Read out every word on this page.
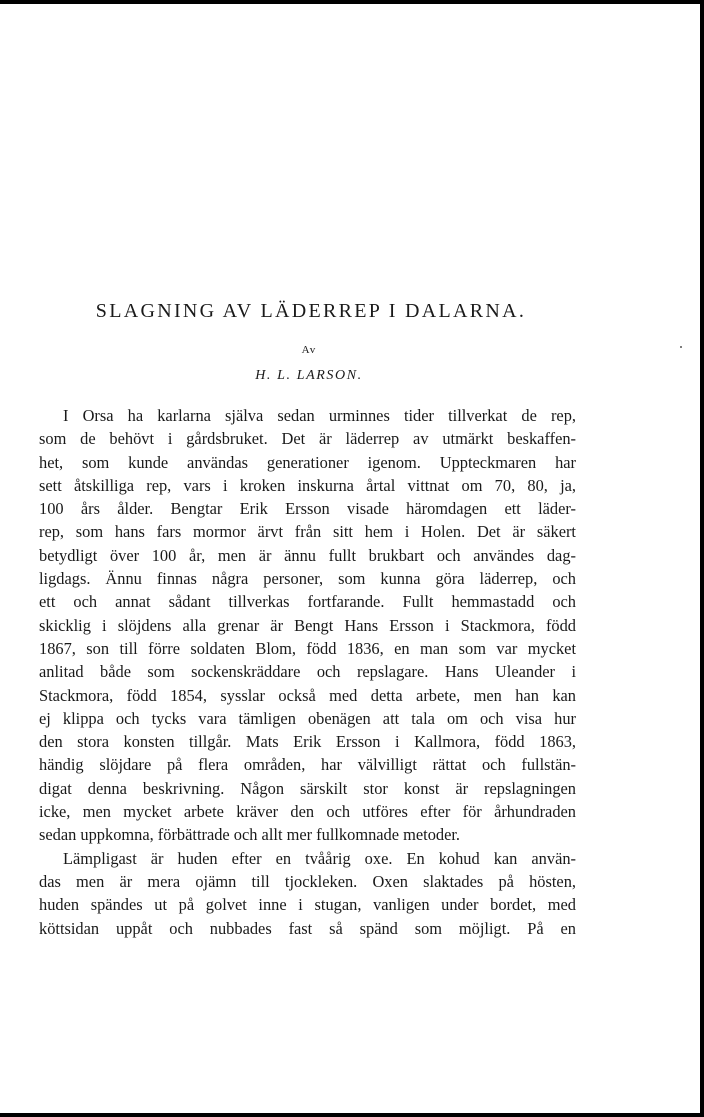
SLAGNING AV LÄDERREP I DALARNA.
Av
H. L. LARSON.
I Orsa ha karlarna själva sedan urminnes tider tillverkat de rep,
som de behövt i gårdsbruket. Det är läderrep av utmärkt beskaffen-
het, som kunde användas generationer igenom. Uppteckmaren har
sett åtskilliga rep, vars i kroken inskurna årtal vittnat om 70, 80, ja,
100 års ålder. Bengtar Erik Ersson visade häromdagen ett läder-
rep, som hans fars mormor ärvt från sitt hem i Holen. Det är säkert
betydligt över 100 år, men är ännu fullt brukbart och användes dag-
ligdags. Ännu finnas några personer, som kunna göra läderrep, och
ett och annat sådant tillverkas fortfarande. Fullt hemmastadd och
skicklig i slöjdens alla grenar är Bengt Hans Ersson i Stackmora, född
1867, son till förre soldaten Blom, född 1836, en man som var mycket
anlitad både som sockenskräddare och repslagare. Hans Uleander i
Stackmora, född 1854, sysslar också med detta arbete, men han kan
ej klippa och tycks vara tämligen obenägen att tala om och visa hur
den stora konsten tillgår. Mats Erik Ersson i Kallmora, född 1863,
händig slöjdare på flera områden, har välvilligt rättat och fullstän-
digat denna beskrivning. Någon särskilt stor konst är repslagningen
icke, men mycket arbete kräver den och utföres efter för århundraden
sedan uppkomna, förbättrade och allt mer fullkomnade metoder.
Lämpligast är huden efter en tvåårig oxe. En kohud kan använ-
das men är mera ojämn till tjockleken. Oxen slaktades på hösten,
huden spändes ut på golvet inne i stugan, vanligen under bordet, med
köttsidan uppåt och nubbades fast så spänd som möjligt. På en
